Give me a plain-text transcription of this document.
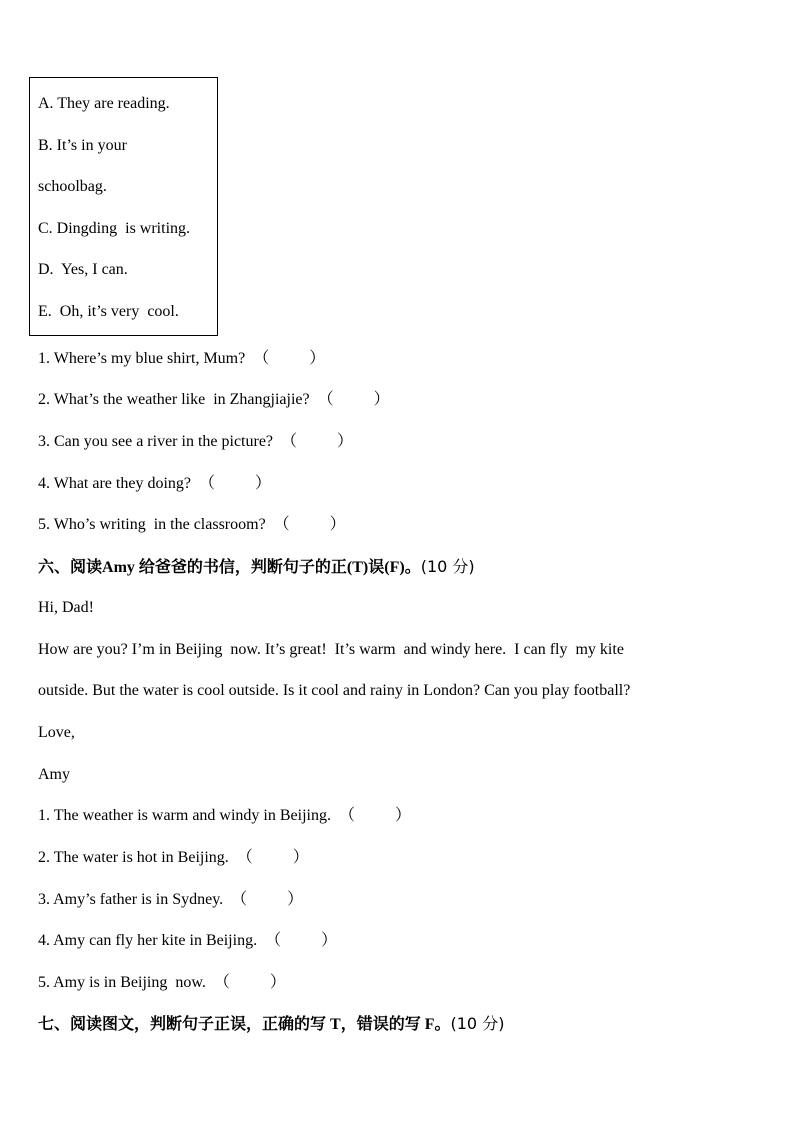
A. They are reading.
B. It’s in your
schoolbag.
C. Dingding  is writing.
D.  Yes, I can.
E.  Oh, it’s very  cool.
1. Where’s my blue shirt, Mum? （          ）
2. What’s the weather like  in Zhangjiajie? （          ）
3. Can you see a river in the picture? （          ）
4. What are they doing? （          ）
5. Who’s writing  in the classroom? （          ）
六、阅读Amy 给爸爸的书信，判断句子的正(T)误(F)。(10 分)
Hi, Dad!
How are you? I’m in Beijing  now. It’s great!  It’s warm  and windy here.  I can fly  my kite
outside. But the water is cool outside. Is it cool and rainy in London? Can you play football?
Love,
Amy
1. The weather is warm and windy in Beijing. （          ）
2. The water is hot in Beijing. （          ）
3. Amy’s father is in Sydney. （          ）
4. Amy can fly her kite in Beijing. （          ）
5. Amy is in Beijing  now. （          ）
七、阅读图文，判断句子正误，正确的写 T，错误的写 F。(10 分)
